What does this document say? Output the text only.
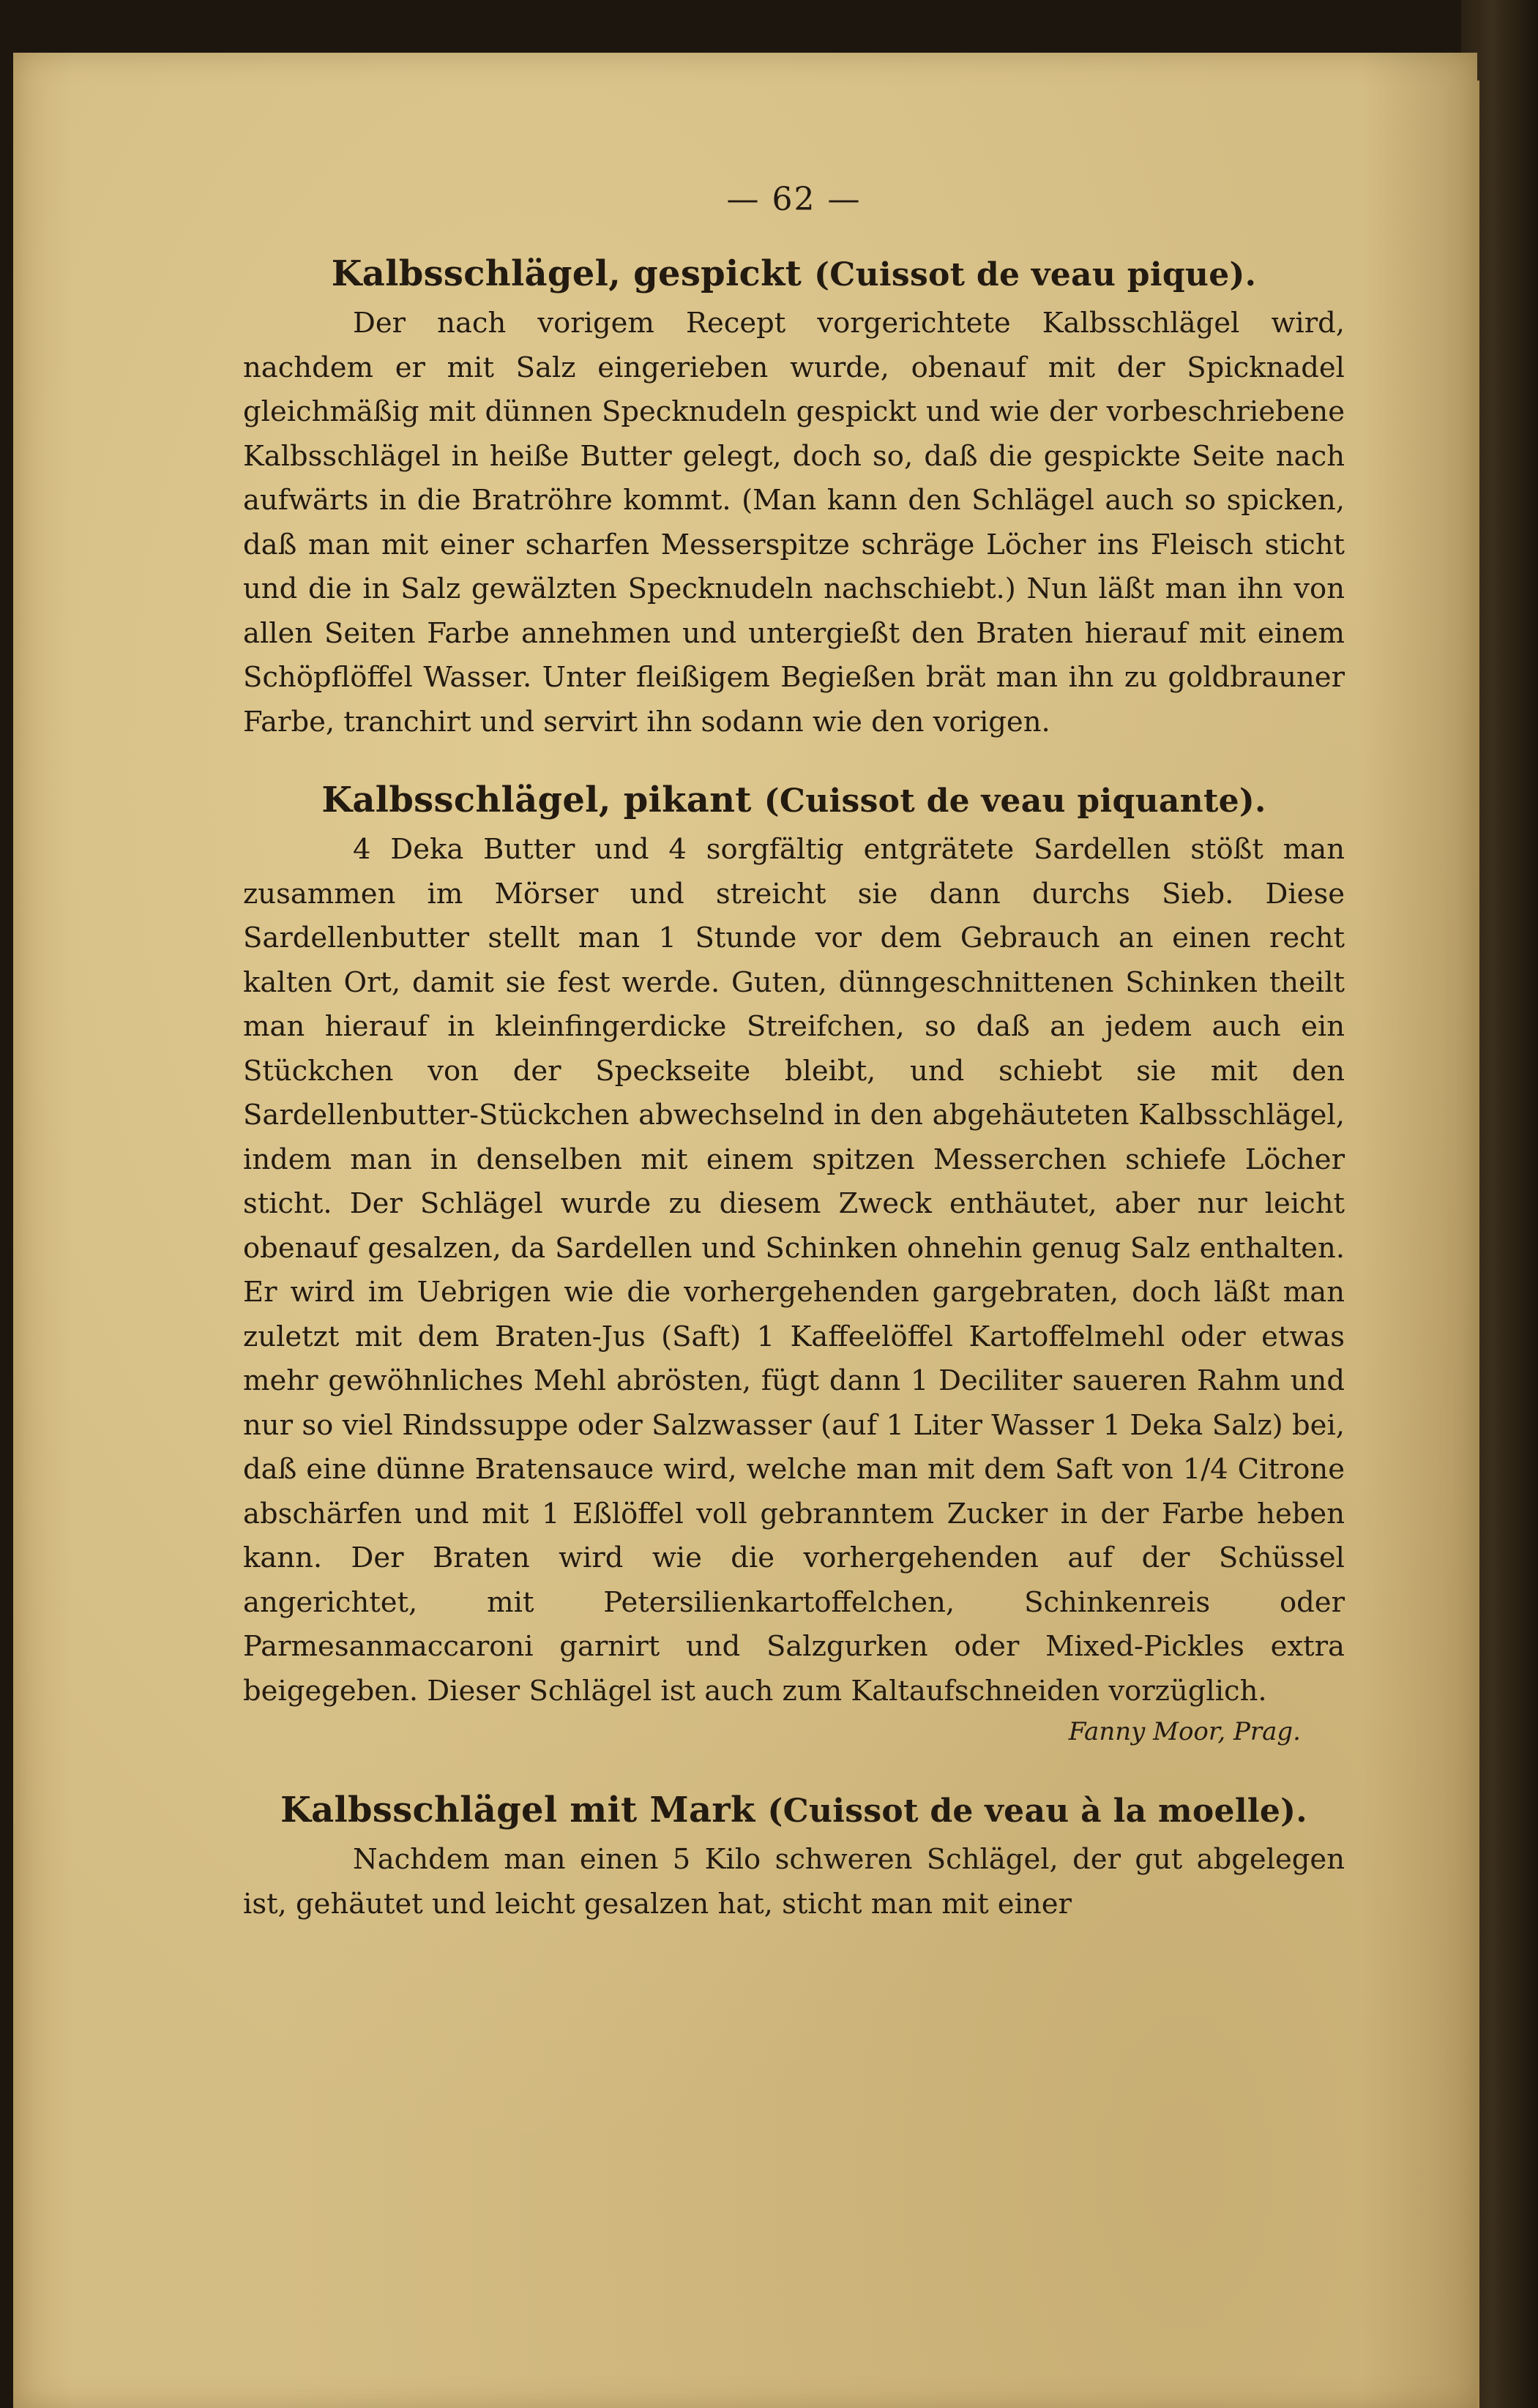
— 62 —
Kalbsschlägel, gespickt (Cuissot de veau pique).

Der nach vorigem Recept vorgerichtete Kalbsschlägel wird, nachdem er mit Salz eingerieben wurde, obenauf mit der Spicknadel gleichmäßig mit dünnen Specknudeln gespickt und wie der vorbeschriebene Kalbsschlägel in heiße Butter gelegt, doch so, daß die gespickte Seite nach aufwärts in die Bratröhre kommt. (Man kann den Schlägel auch so spicken, daß man mit einer scharfen Messerspitze schräge Löcher ins Fleisch sticht und die in Salz gewälzten Specknudeln nachschiebt.) Nun läßt man ihn von allen Seiten Farbe annehmen und untergießt den Braten hierauf mit einem Schöpflöffel Wasser. Unter fleißigem Begießen brät man ihn zu goldbrauner Farbe, tranchirt und servirt ihn sodann wie den vorigen.

Kalbsschlägel, pikant (Cuissot de veau piquante).

4 Deka Butter und 4 sorgfältig entgrätete Sardellen stößt man zusammen im Mörser und streicht sie dann durchs Sieb. Diese Sardellenbutter stellt man 1 Stunde vor dem Gebrauch an einen recht kalten Ort, damit sie fest werde. Guten, dünngeschnittenen Schinken theilt man hierauf in kleinfingerdicke Streifchen, so daß an jedem auch ein Stückchen von der Speckseite bleibt, und schiebt sie mit den Sardellenbutter-Stückchen abwechselnd in den abgehäuteten Kalbsschlägel, indem man in denselben mit einem spitzen Messerchen schiefe Löcher sticht. Der Schlägel wurde zu diesem Zweck enthäutet, aber nur leicht obenauf gesalzen, da Sardellen und Schinken ohnehin genug Salz enthalten. Er wird im Uebrigen wie die vorhergehenden gargebraten, doch läßt man zuletzt mit dem Braten-Jus (Saft) 1 Kaffeelöffel Kartoffelmehl oder etwas mehr gewöhnliches Mehl abrösten, fügt dann 1 Deciliter saueren Rahm und nur so viel Rindssuppe oder Salzwasser (auf 1 Liter Wasser 1 Deka Salz) bei, daß eine dünne Bratensauce wird, welche man mit dem Saft von 1/4 Citrone abschärfen und mit 1 Eßlöffel voll gebranntem Zucker in der Farbe heben kann. Der Braten wird wie die vorhergehenden auf der Schüssel angerichtet, mit Petersilienkartoffelchen, Schinkenreis oder Parmesanmaccaroni garnirt und Salzgurken oder Mixed-Pickles extra beigegeben. Dieser Schlägel ist auch zum Kaltaufschneiden vorzüglich.

Fanny Moor, Prag.
Kalbsschlägel mit Mark (Cuissot de veau à la moelle).

Nachdem man einen 5 Kilo schweren Schlägel, der gut abgelegen ist, gehäutet und leicht gesalzen hat, sticht man mit einer
